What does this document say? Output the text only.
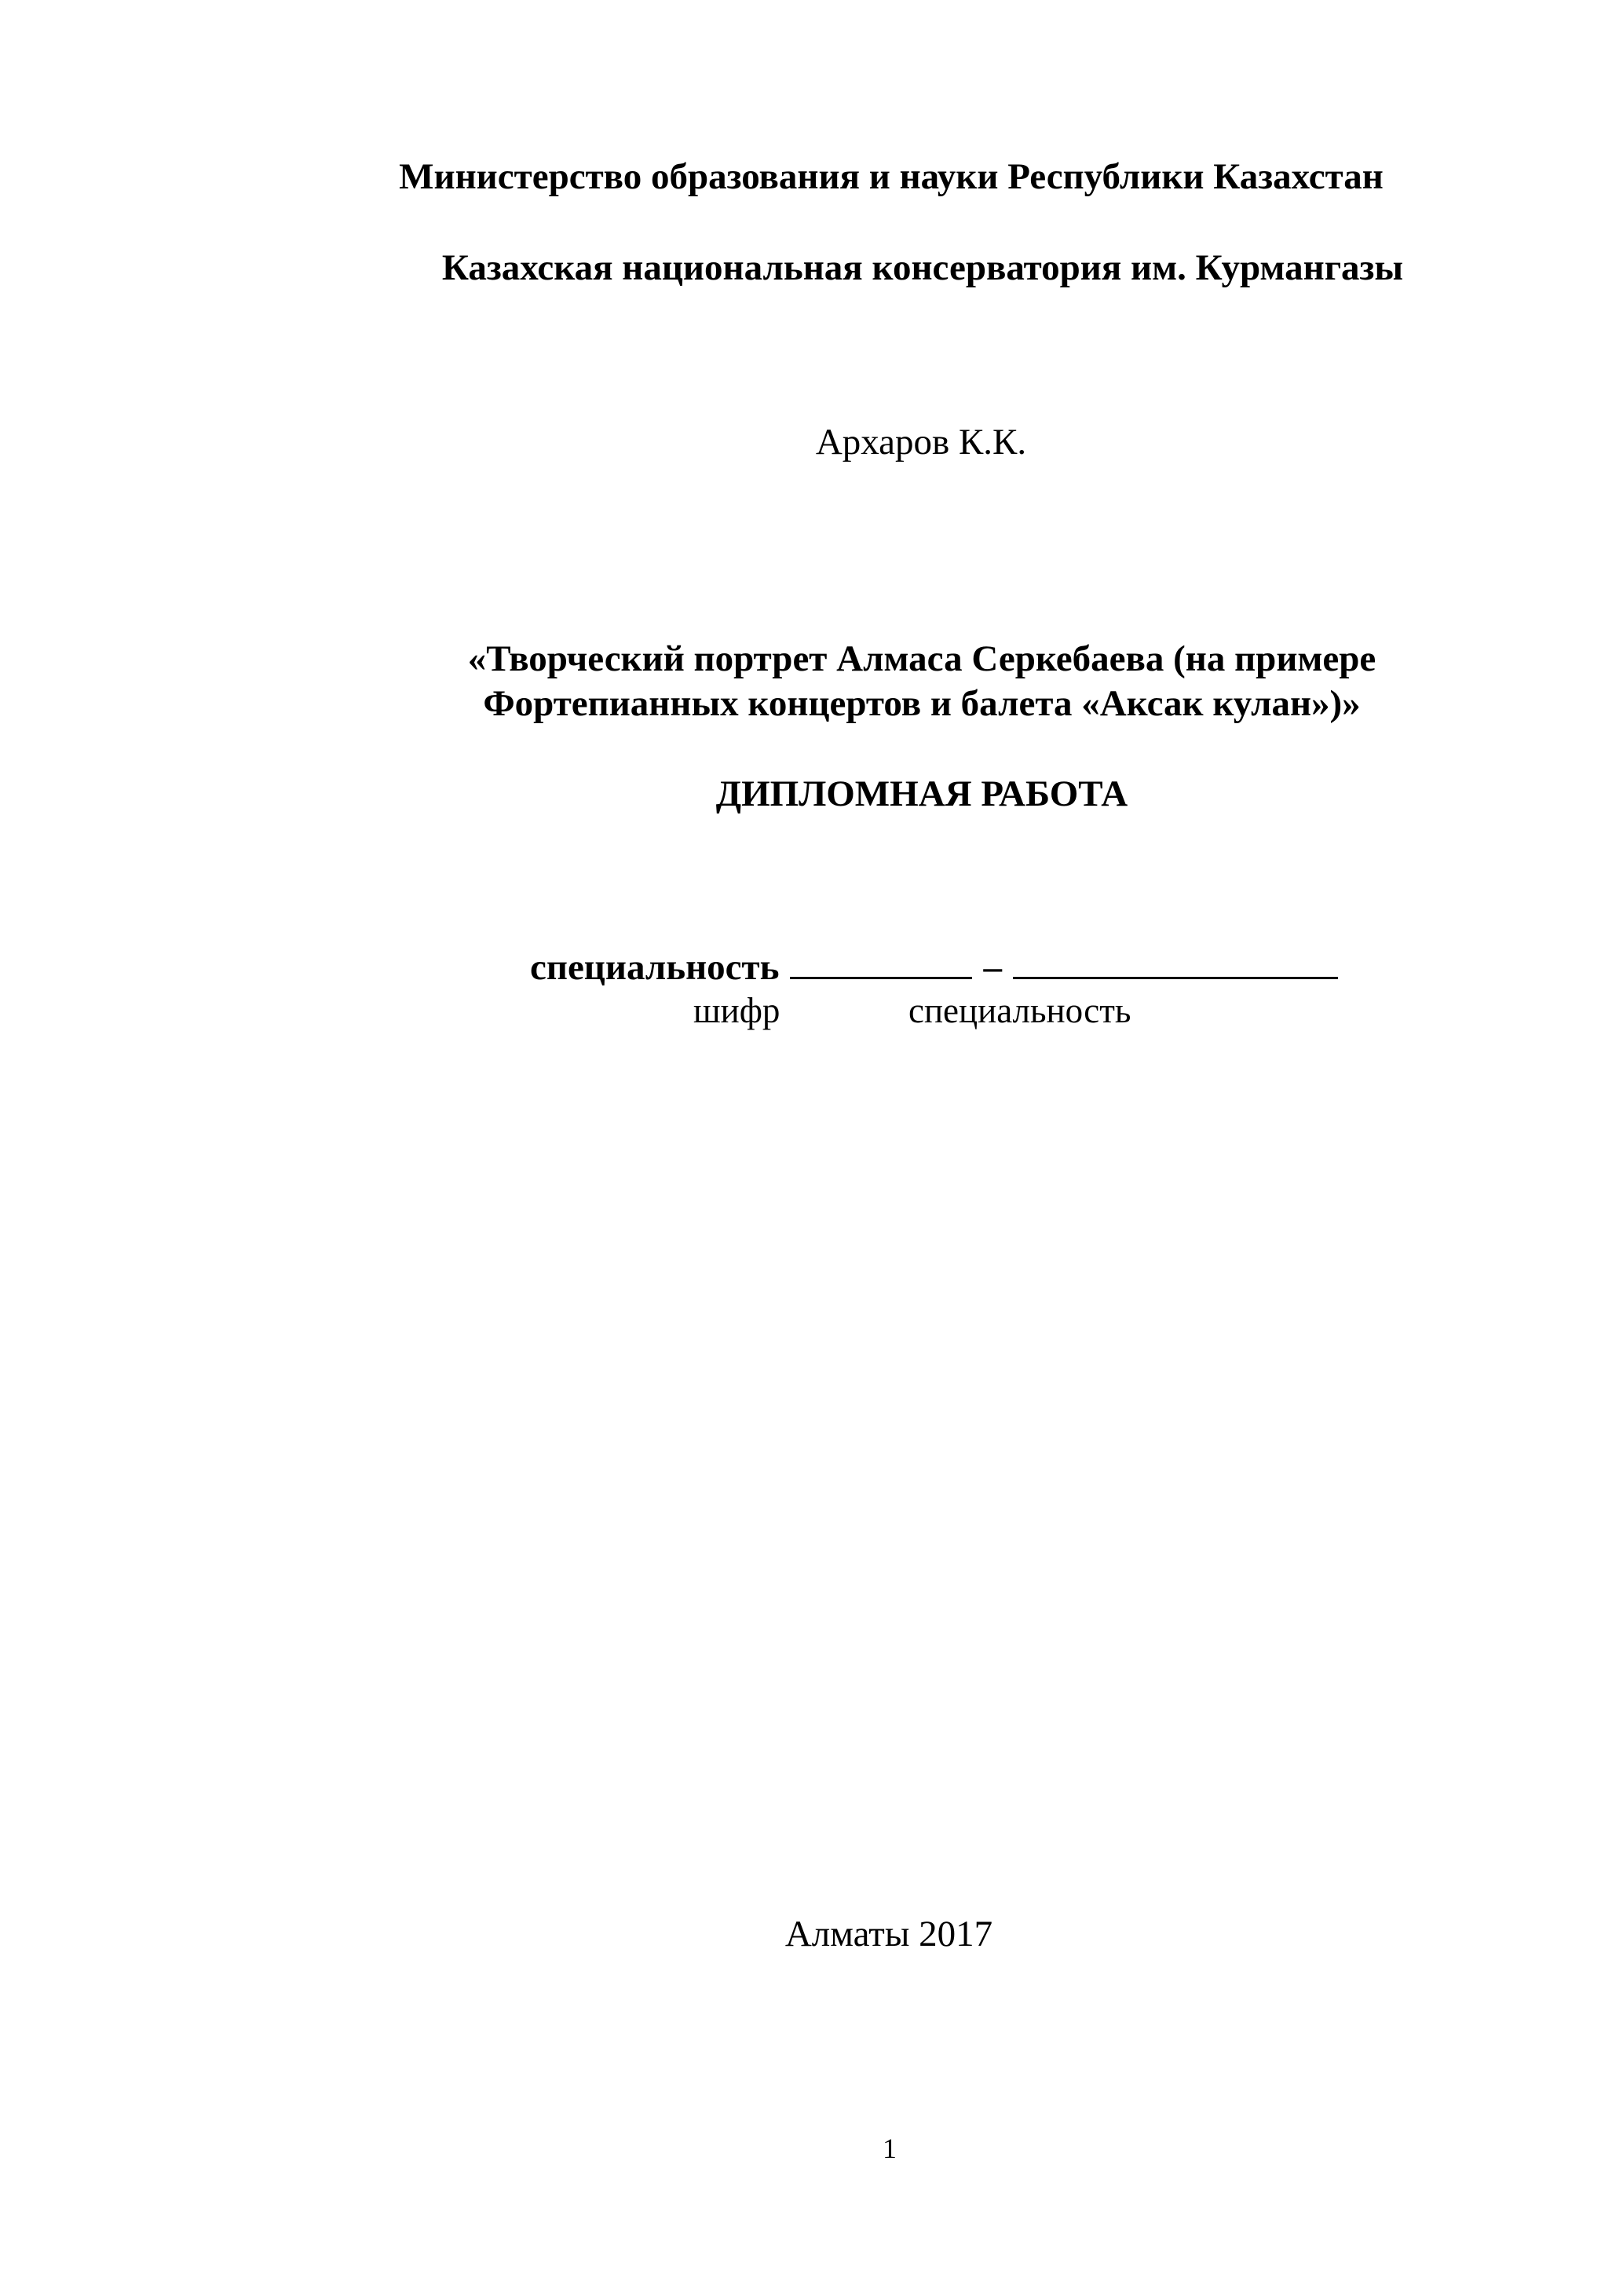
Министерство образования и науки Республики Казахстан
Казахская национальная консерватория им. Курмангазы
Архаров К.К.
«Творческий портрет Алмаса Серкебаева (на примере
Фортепианных концертов и балета «Аксак кулан»)»
ДИПЛОМНАЯ РАБОТА
специальность	–
шифр	специальность
Алматы 2017
1
